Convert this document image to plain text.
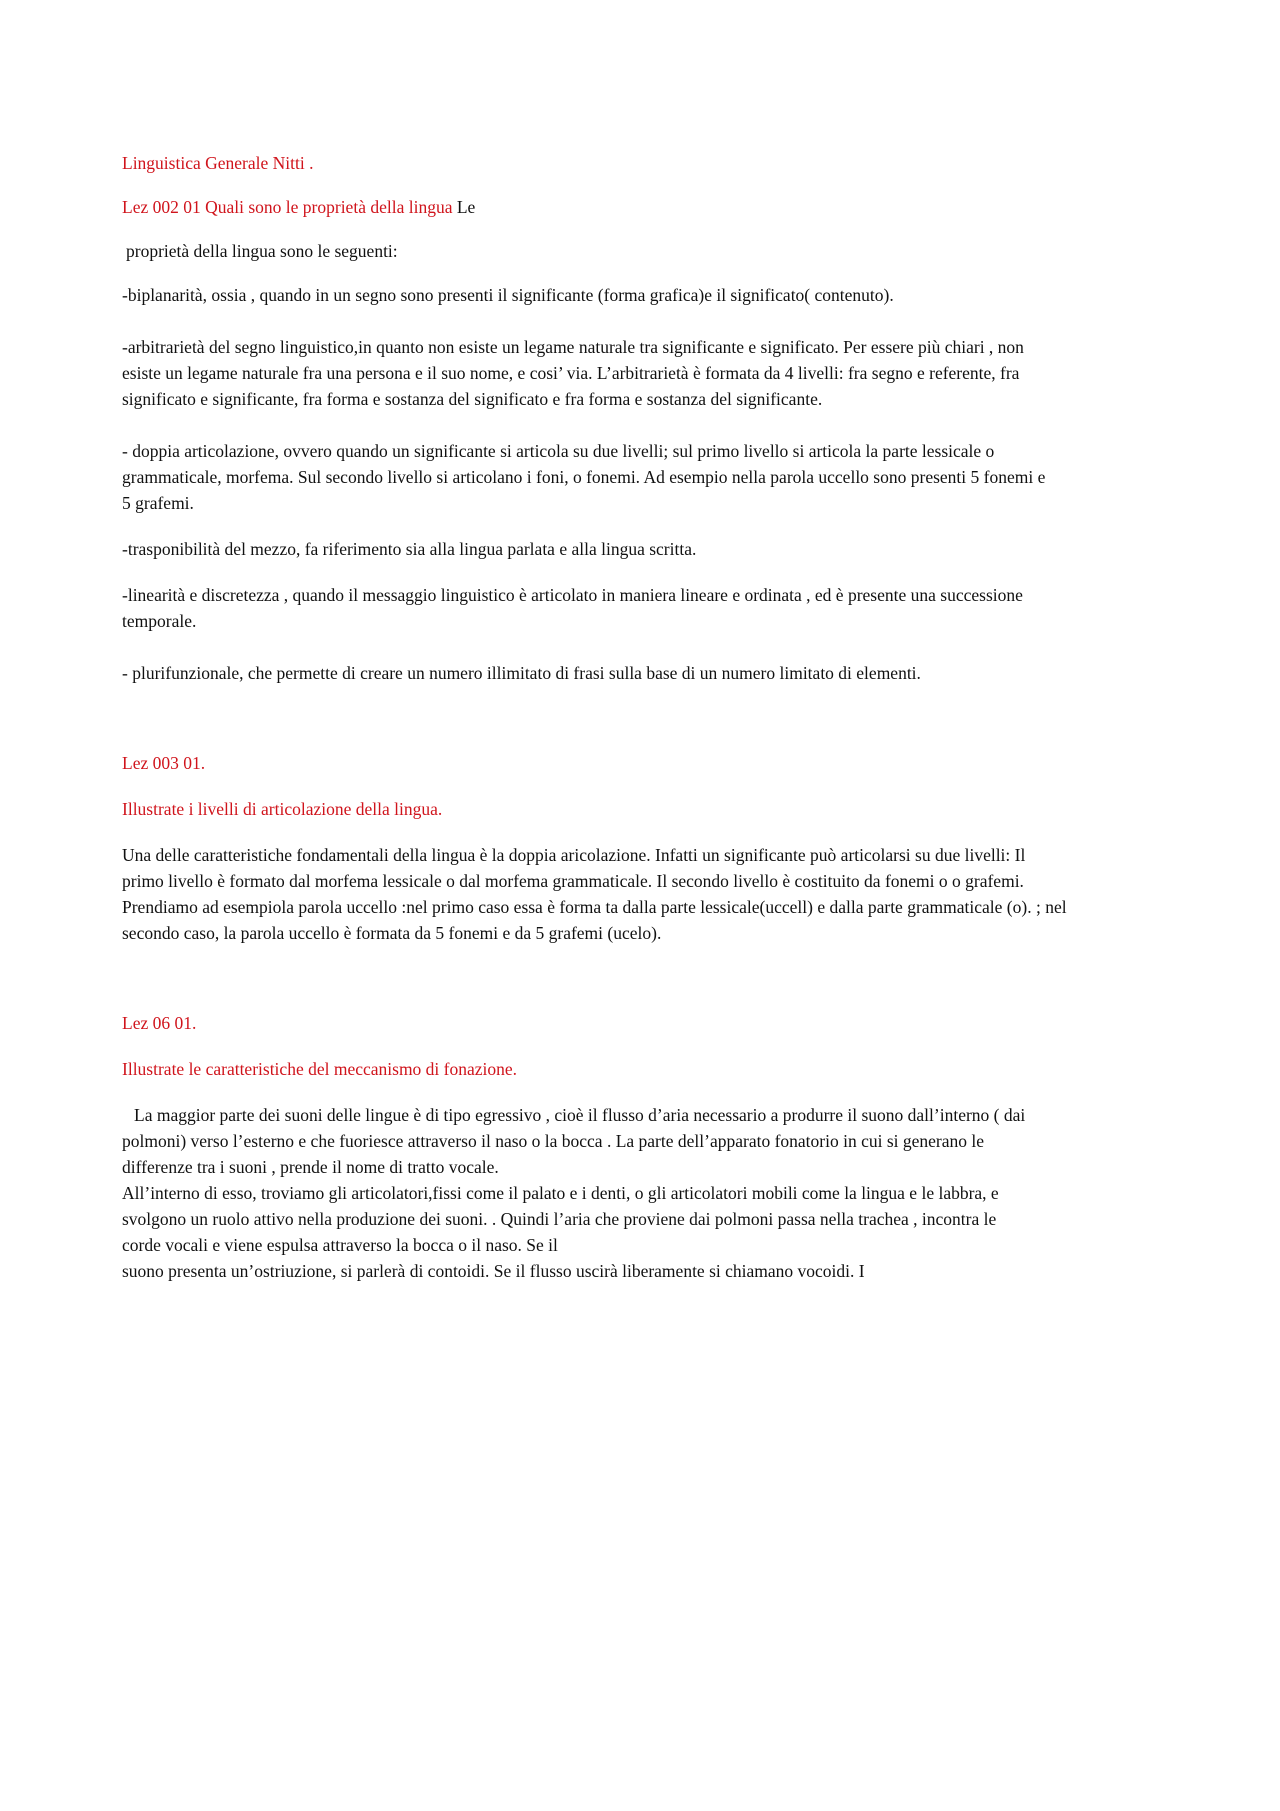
Linguistica Generale Nitti .

Lez 002 01 Quali sono le proprietà della lingua Le

proprietà della lingua sono le seguenti:

-biplanarità, ossia , quando in un segno sono presenti il significante (forma grafica)e il significato( contenuto).

-arbitrarietà del segno linguistico,in quanto non esiste un legame naturale tra significante e significato. Per essere più chiari , non

esiste un legame naturale fra una persona e il suo nome, e cosi’ via. L’arbitrarietà è formata da 4 livelli: fra segno e referente, fra

significato e significante, fra forma e sostanza del significato e fra forma e sostanza del significante.

- doppia articolazione, ovvero quando un significante si articola su due livelli; sul primo livello si articola la parte lessicale o

grammaticale, morfema. Sul secondo livello si articolano i foni, o fonemi. Ad esempio nella parola uccello sono presenti 5 fonemi e

5 grafemi.

-trasponibilità del mezzo, fa riferimento sia alla lingua parlata e alla lingua scritta.

-linearità e discretezza , quando il messaggio linguistico è articolato in maniera lineare e ordinata , ed è presente una successione

temporale.

- plurifunzionale, che permette di creare un numero illimitato di frasi sulla base di un numero limitato di elementi.

Lez 003 01.

Illustrate i livelli di articolazione della lingua.

Una delle caratteristiche fondamentali della lingua è la doppia aricolazione. Infatti un significante può articolarsi su due livelli: Il

primo livello è formato dal morfema lessicale o dal morfema grammaticale. Il secondo livello è costituito da fonemi o o grafemi.

Prendiamo ad esempiola parola uccello :nel primo caso essa è forma ta dalla parte lessicale(uccell) e dalla parte grammaticale (o). ; nel

secondo caso, la parola uccello è formata da 5 fonemi e da 5 grafemi (ucelo).

Lez 06 01.

Illustrate le caratteristiche del meccanismo di fonazione.

La maggior parte dei suoni delle lingue è di tipo egressivo , cioè il flusso d’aria necessario a produrre il suono dall’interno ( dai

polmoni) verso l’esterno e che fuoriesce attraverso il naso o la bocca . La parte dell’apparato fonatorio in cui si generano le

differenze tra i suoni , prende il nome di tratto vocale.

All’interno di esso, troviamo gli articolatori,fissi come il palato e i denti, o gli articolatori mobili come la lingua e le labbra, e

svolgono un ruolo attivo nella produzione dei suoni. . Quindi l’aria che proviene dai polmoni passa nella trachea , incontra le

corde vocali e viene espulsa attraverso la bocca o il naso. Se il

suono presenta un’ostriuzione, si parlerà di contoidi. Se il flusso uscirà liberamente si chiamano vocoidi. I
